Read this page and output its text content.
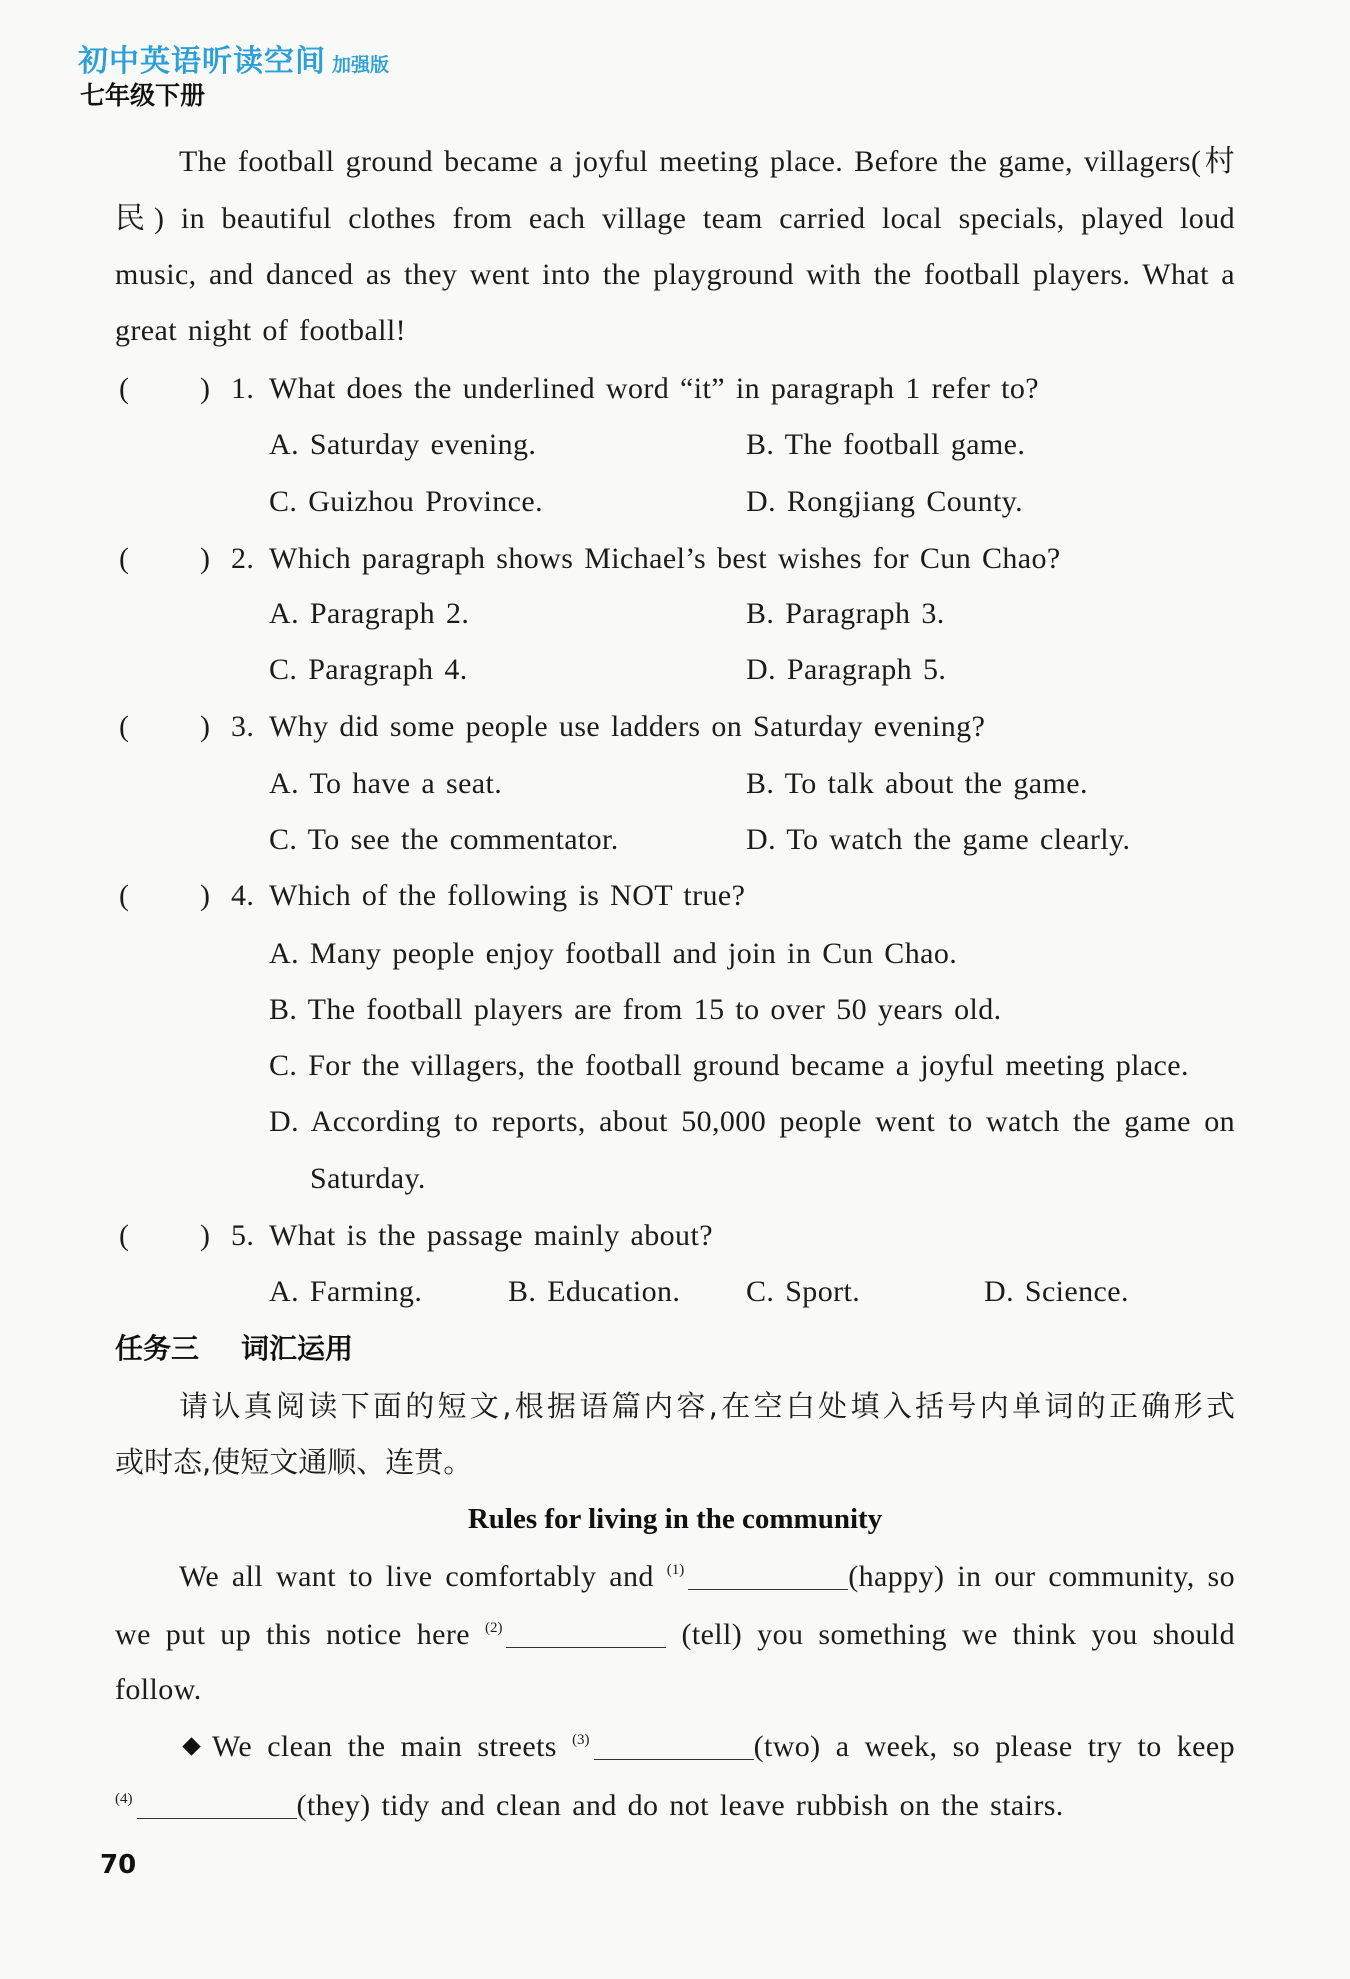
初中英语听读空间 加强版
七年级下册
The football ground became a joyful meeting place. Before the game, villagers(村
民) in beautiful clothes from each village team carried local specials, played loud
music, and danced as they went into the playground with the football players. What a
great night of football!
( ) 1. What does the underlined word “it” in paragraph 1 refer to?
A. Saturday evening.	B. The football game.
C. Guizhou Province.	D. Rongjiang County.
( ) 2. Which paragraph shows Michael’s best wishes for Cun Chao?
A. Paragraph 2.	B. Paragraph 3.
C. Paragraph 4.	D. Paragraph 5.
( ) 3. Why did some people use ladders on Saturday evening?
A. To have a seat.	B. To talk about the game.
C. To see the commentator.	D. To watch the game clearly.
( ) 4. Which of the following is NOT true?
A. Many people enjoy football and join in Cun Chao.
B. The football players are from 15 to over 50 years old.
C. For the villagers, the football ground became a joyful meeting place.
D. According to reports, about 50,000 people went to watch the game on
Saturday.
( ) 5. What is the passage mainly about?
A. Farming.	B. Education. C. Sport.	D. Science.
任务三 词汇运用
请认真阅读下面的短文,根据语篇内容,在空白处填入括号内单词的正确形式
或时态,使短文通顺、连贯。
Rules for living in the community
We all want to live comfortably and $^{(1)}$	(happy) in our community, so
we put up this notice here $^{(2)}$	(tell) you something we think you should
follow.
We clean the main streets $^{(3)}$	(two) a week, so please try to keep
$^{(4)}$	(they) tidy and clean and do not leave rubbish on the stairs.
70
